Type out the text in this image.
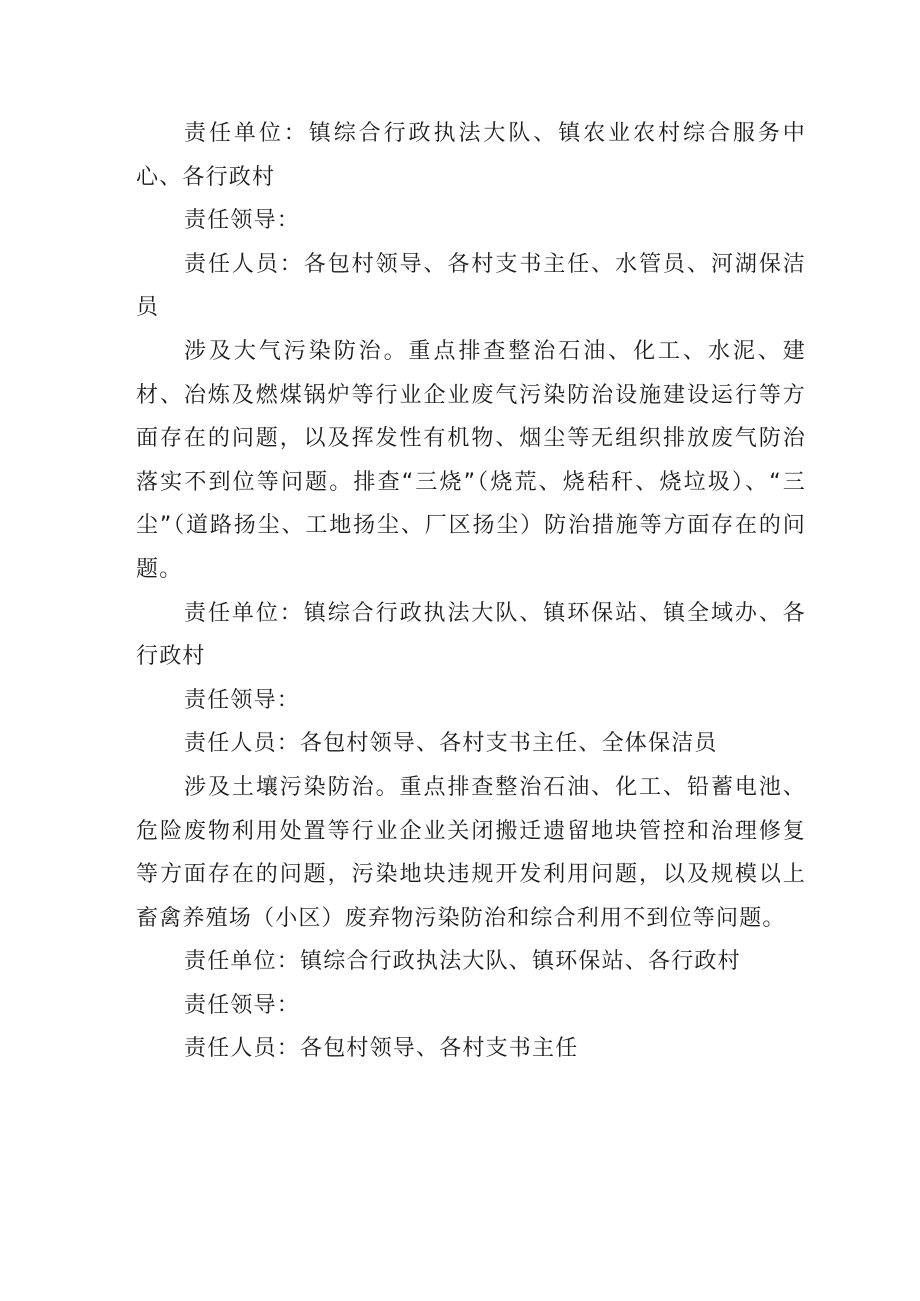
责任单位：镇综合行政执法大队、镇农业农村综合服务中心、各行政村

责任领导：

责任人员：各包村领导、各村支书主任、水管员、河湖保洁员

涉及大气污染防治。重点排查整治石油、化工、水泥、建材、冶炼及燃煤锅炉等行业企业废气污染防治设施建设运行等方面存在的问题，以及挥发性有机物、烟尘等无组织排放废气防治落实不到位等问题。排查“三烧”（烧荒、烧秸秆、烧垃圾）、“三尘”（道路扬尘、工地扬尘、厂区扬尘）防治措施等方面存在的问题。

责任单位：镇综合行政执法大队、镇环保站、镇全域办、各行政村

责任领导：

责任人员：各包村领导、各村支书主任、全体保洁员

涉及土壤污染防治。重点排查整治石油、化工、铅蓄电池、危险废物利用处置等行业企业关闭搬迁遗留地块管控和治理修复等方面存在的问题，污染地块违规开发利用问题，以及规模以上畜禽养殖场（小区）废弃物污染防治和综合利用不到位等问题。

责任单位：镇综合行政执法大队、镇环保站、各行政村

责任领导：

责任人员：各包村领导、各村支书主任
